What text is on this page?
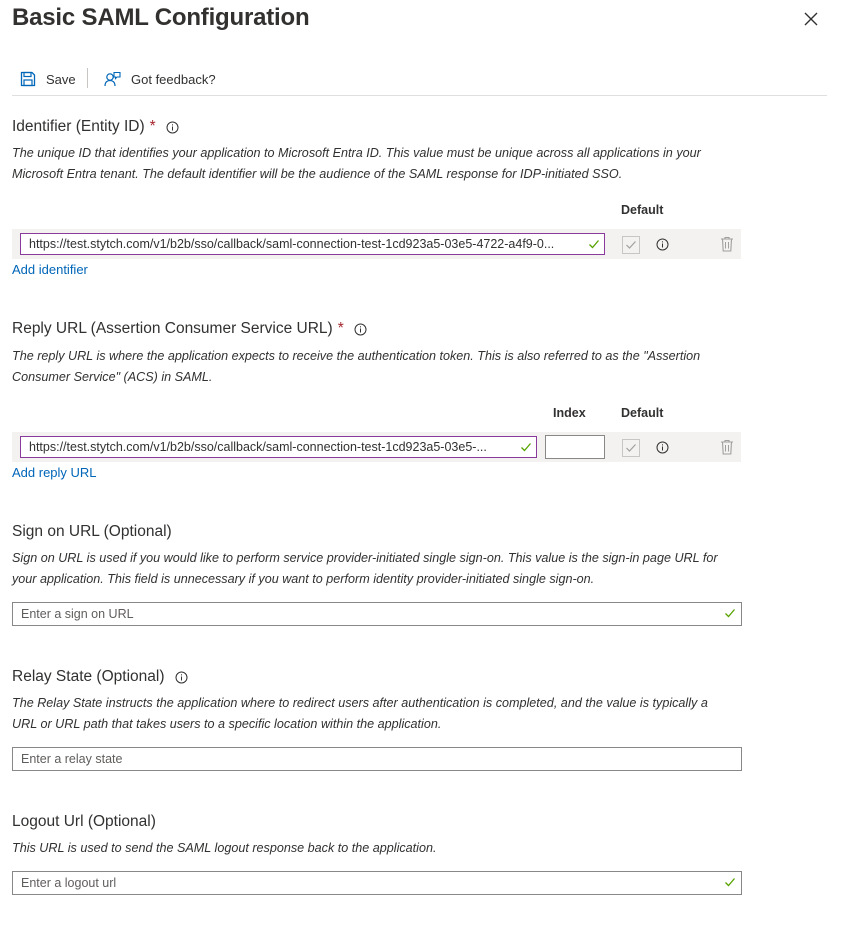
Basic SAML Configuration
Save	Got feedback?
Identifier (Entity ID) *
The unique ID that identifies your application to Microsoft Entra ID. This value must be unique across all applications in your Microsoft Entra tenant. The default identifier will be the audience of the SAML response for IDP-initiated SSO.
Default
https://test.stytch.com/v1/b2b/sso/callback/saml-connection-test-1cd923a5-03e5-4722-a4f9-0...
Add identifier
Reply URL (Assertion Consumer Service URL) *
The reply URL is where the application expects to receive the authentication token. This is also referred to as the "Assertion Consumer Service" (ACS) in SAML.
Index	Default
https://test.stytch.com/v1/b2b/sso/callback/saml-connection-test-1cd923a5-03e5-...
Add reply URL
Sign on URL (Optional)
Sign on URL is used if you would like to perform service provider-initiated single sign-on. This value is the sign-in page URL for your application. This field is unnecessary if you want to perform identity provider-initiated single sign-on.
Enter a sign on URL
Relay State (Optional)
The Relay State instructs the application where to redirect users after authentication is completed, and the value is typically a URL or URL path that takes users to a specific location within the application.
Enter a relay state
Logout Url (Optional)
This URL is used to send the SAML logout response back to the application.
Enter a logout url
